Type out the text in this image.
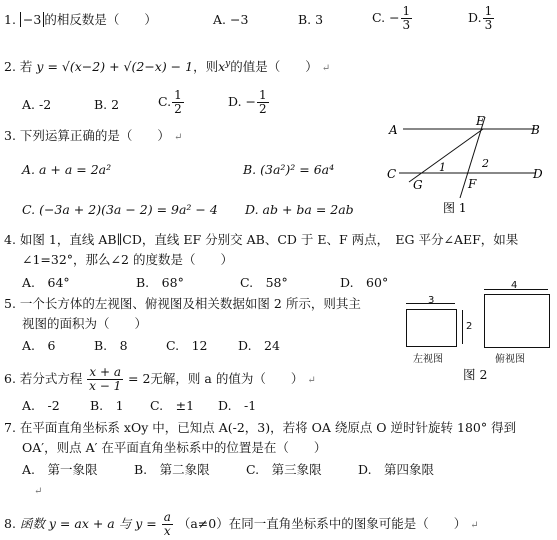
1. −3 的相反数是（　　）	A. −3	B. 3	C. − $\frac{1}{3}$	D. $\frac{1}{3}$
2. 若 y = √(x−2) + √(2−x) − 1，则$x^y$的值是（　　） ↵
A. -2	B. 2	C. $\frac{1}{2}$	D. − $\frac{1}{2}$
3. 下列运算正确的是（　　） ↵
A. a + a = 2a²	B. (3a²)² = 6a⁴
C. (−3a + 2)(3a − 2) = 9a² − 4 D. ab + ba = 2ab
A	B
C	D
E
F
G
1	2
图 1
4. 如图 1，直线 AB∥CD，直线 EF 分别交 AB、CD 于 E、F 两点，　EG 平分∠AEF，如果
∠1=32°，那么∠2 的度数是（　　）
A.　64°	B.　68°	C.　58°	D.　60°
5. 一个长方体的左视图、俯视图及相关数据如图 2 所示，则其主
视图的面积为（　　）
A.　6	B.　8	C.　12 D.　24
3
2
左视图
4
俯视图
图 2
6. 若分式方程 $\frac{x + a}{x - 1} = 2$无解，则 a 的值为（　　） ↵
A.　-2 B.　1 C.　±1 D.　-1
7. 在平面直角坐标系 xOy 中，已知点 A(-2，3)，若将 OA 绕原点 O 逆时针旋转 180° 得到
OA′，则点 A′ 在平面直角坐标系中的位置是在（　　）
A.　第一象限	B.　第二象限	C.　第三象限	D.　第四象限
↵
8. 函数 y = ax + a 与 $y = \frac{a}{x} (a\ne 0)$在同一直角坐标系中的图象可能是（　　） ↵
